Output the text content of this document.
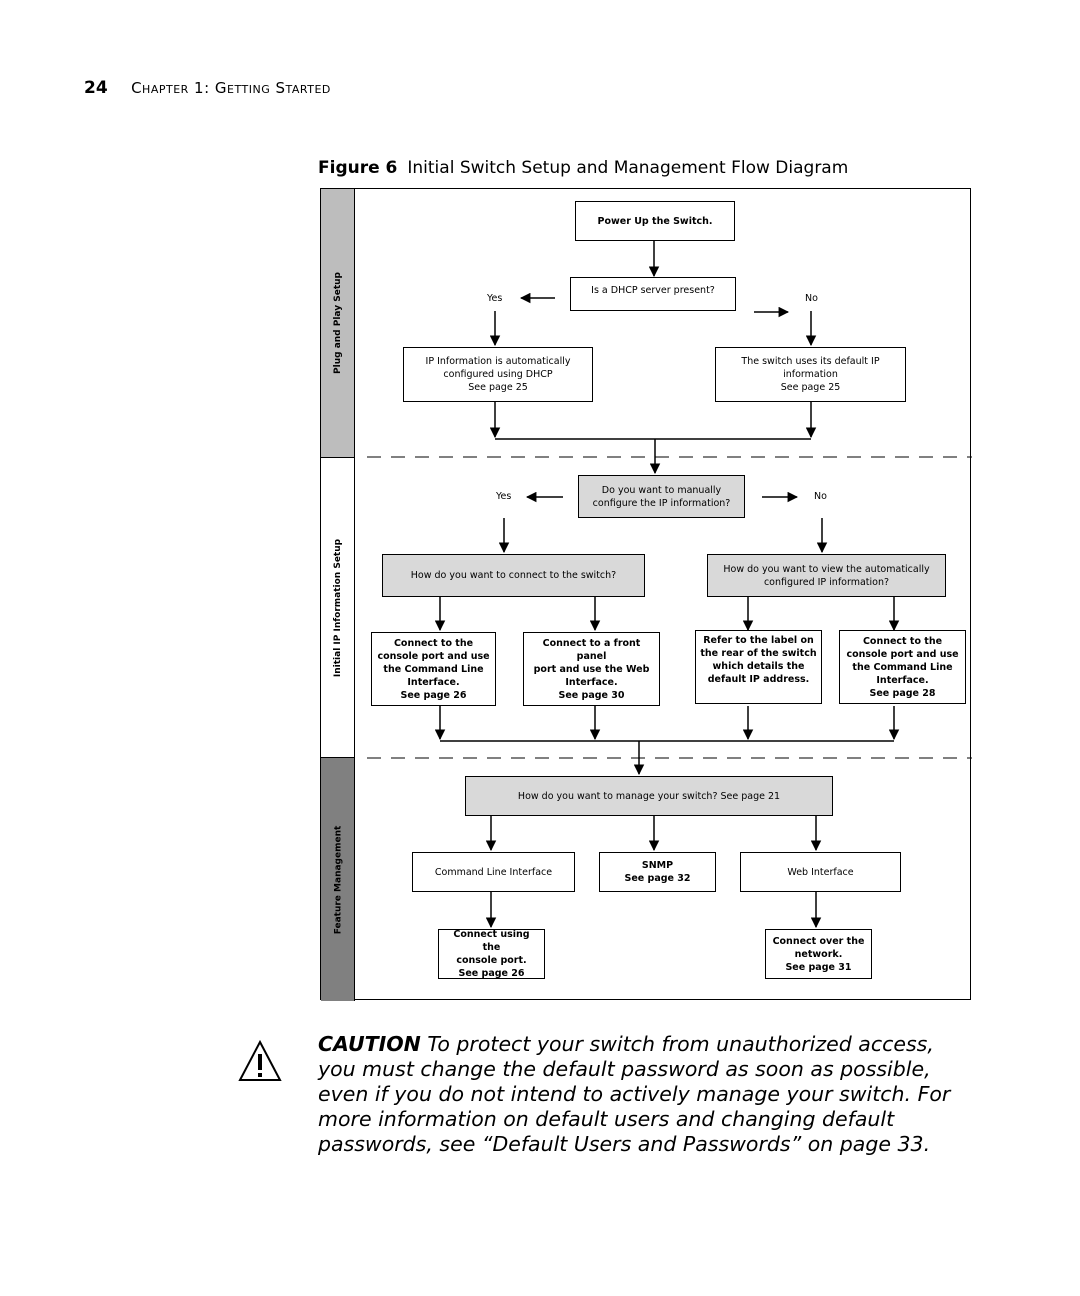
24 Chapter 1: Getting Started
Figure 6 Initial Switch Setup and Management Flow Diagram
Plug and Play Setup
Initial IP Information Setup
Feature Management
Power Up the Switch.
Is a DHCP server present?
Yes	No
IP Information is automatically
configured using DHCP
See page 25
The switch uses its default IP
information
See page 25
Do you want to manually
configure the IP information?
Yes	No
How do you want to connect to the switch?
How do you want to view the automatically
configured IP information?
Connect to the
console port and use
the Command Line
Interface.
See page 26
Connect to a front panel
port and use the Web
Interface.
See page 30
Refer to the label on
the rear of the switch
which details the
default IP address.
Connect to the
console port and use
the Command Line
Interface.
See page 28
How do you want to manage your switch? See page 21
Command Line Interface
SNMP
See page 32
Web Interface
Connect using the
console port.
See page 26
Connect over the
network.
See page 31
CAUTION To protect your switch from unauthorized access, you must change the default password as soon as possible, even if you do not intend to actively manage your switch. For more information on default users and changing default passwords, see “Default Users and Passwords” on page 33.
